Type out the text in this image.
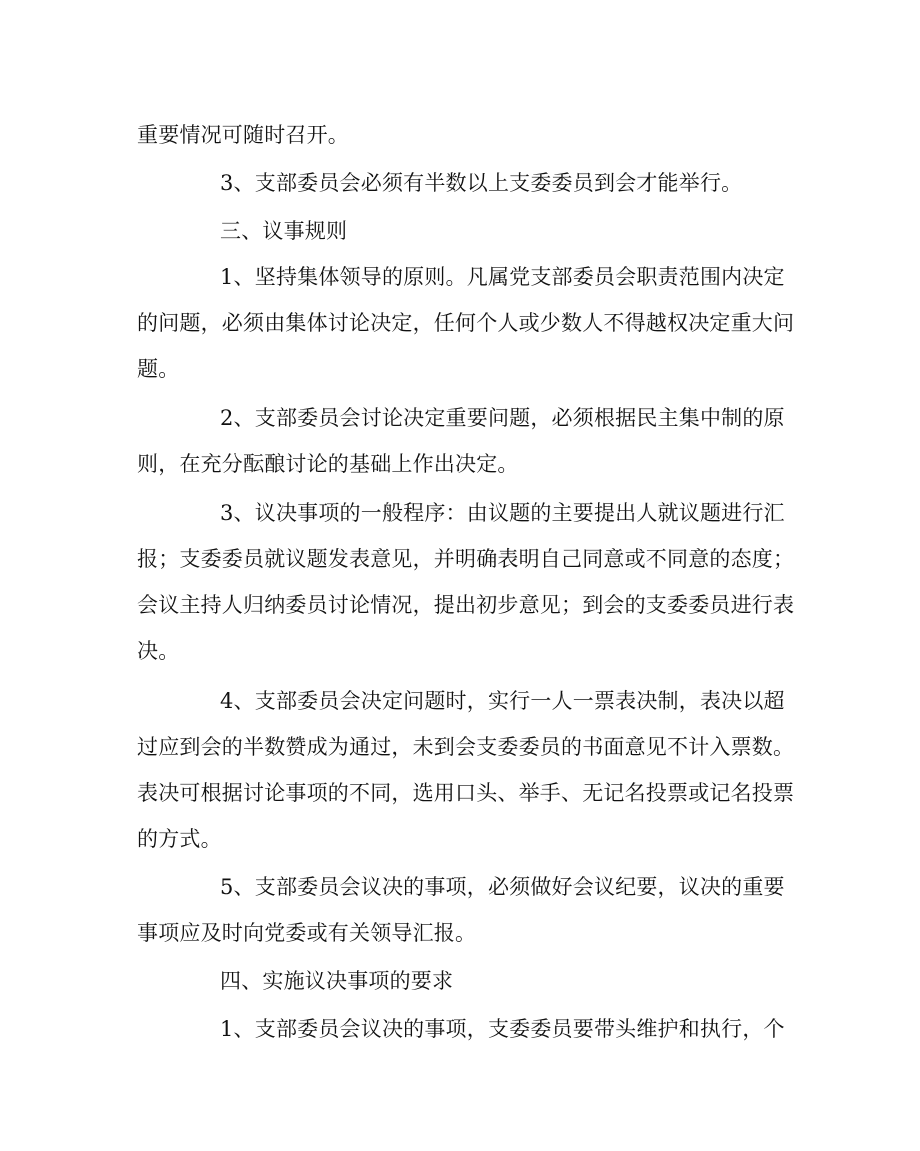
重要情况可随时召开。
3、支部委员会必须有半数以上支委委员到会才能举行。
三、议事规则
1、坚持集体领导的原则。凡属党支部委员会职责范围内决定
的问题，必须由集体讨论决定，任何个人或少数人不得越权决定重大问
题。
2、支部委员会讨论决定重要问题，必须根据民主集中制的原
则，在充分酝酿讨论的基础上作出决定。
3、议决事项的一般程序：由议题的主要提出人就议题进行汇
报；支委委员就议题发表意见，并明确表明自己同意或不同意的态度；
会议主持人归纳委员讨论情况，提出初步意见；到会的支委委员进行表
决。
4、支部委员会决定问题时，实行一人一票表决制，表决以超
过应到会的半数赞成为通过，未到会支委委员的书面意见不计入票数。
表决可根据讨论事项的不同，选用口头、举手、无记名投票或记名投票
的方式。
5、支部委员会议决的事项，必须做好会议纪要，议决的重要
事项应及时向党委或有关领导汇报。
四、实施议决事项的要求
1、支部委员会议决的事项，支委委员要带头维护和执行，个
